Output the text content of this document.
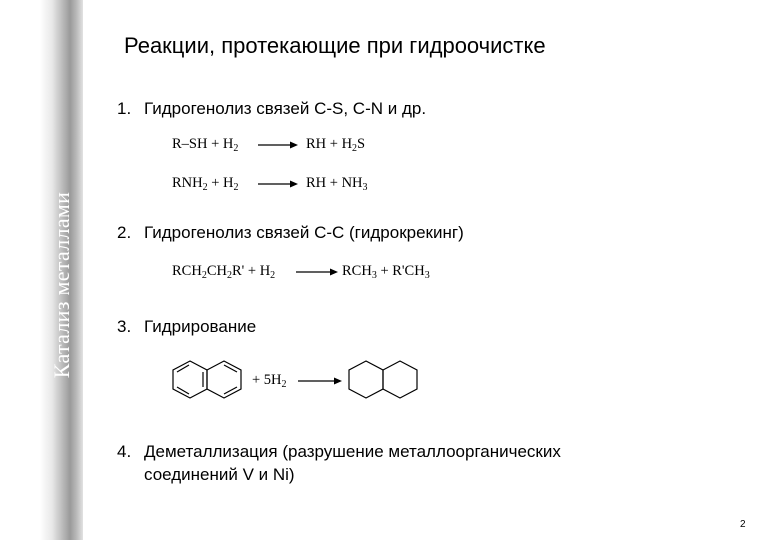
Катализ металлами
Реакции, протекающие при гидроочистке
1. Гидрогенолиз связей C-S, C-N и др.
$R-SH + H_2$ → RH + $H_2S$
$RNH_2 + H_2$ → RH + $NH_3$
2. Гидрогенолиз связей С-С (гидрокрекинг)
$RCH_2CH_2R' + H_2 \to RCH_3 + R'CH_3$
3. Гидрирование
+ $5H_2$ →
4. Деметаллизация (разрушение металлоорганических
соединений V и Ni)
2
